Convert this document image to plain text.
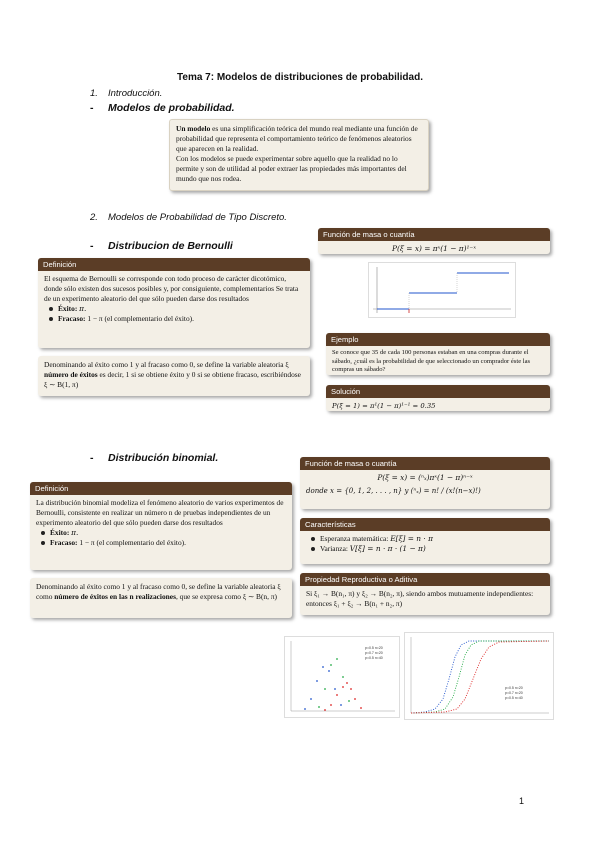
Tema 7: Modelos de distribuciones de probabilidad.
1. Introducción.
- Modelos de probabilidad.
Un modelo es una simplificación teórica del mundo real mediante una función de probabilidad que representa el comportamiento teórico de fenómenos aleatorios que aparecen en la realidad.
Con los modelos se puede experimentar sobre aquello que la realidad no lo permite y son de utilidad al poder extraer las propiedades más importantes del mundo que nos rodea.
2. Modelos de Probabilidad de Tipo Discreto.
- Distribucion de Bernoulli
Definición
El esquema de Bernoulli se corresponde con todo proceso de carácter dicotómico, donde sólo existen dos sucesos posibles y, por consiguiente, complementarios Se trata de un experimento aleatorio del que sólo pueden darse dos resultados
Éxito: π.
Fracaso: 1 − π (el complementario del éxito).
Denominando al éxito como 1 y al fracaso como 0, se define la variable aleatoria ξ número de éxitos es decir, 1 si se obtiene éxito y 0 si se obtiene fracaso, escribiéndose ξ ∼ B(1, π)
Función de masa o cuantía
P(ξ = x) = πˣ(1 − π)¹⁻ˣ
Ejemplo
Se conoce que 35 de cada 100 personas estaban en una compras durante el sábado, ¿cuál es la probabilidad de que seleccionado un comprador éste las compras un sábado?
Solución
P(ξ = 1) = π¹(1 − π)¹⁻¹ = 0.35
- Distribución binomial.
Definición
La distribución binomial modeliza el fenómeno aleatorio de varios experimentos de Bernoulli, consistente en realizar un número n de pruebas independientes de un experimento aleatorio del que sólo pueden darse dos resultados
Éxito: π.
Fracaso: 1 − π (el complementario del éxito).
Denominando al éxito como 1 y al fracaso como 0, se define la variable aleatoria ξ como número de éxitos en las n realizaciones, que se expresa como ξ ∼ B(n, π)
Función de masa o cuantía
P(ξ = x) = (ⁿₓ)πˣ(1 − π)ⁿ⁻ˣ
donde x = {0, 1, 2, . . . , n} y (ⁿₓ) = n! / (x!(n−x)!)
Características
Esperanza matemática: E[ξ] = n · π
Varianza: V[ξ] = n · π · (1 − π)
Propiedad Reproductiva o Aditiva
Si ξ₁ → B(n₁, π) y ξ₂ → B(n₂, π), siendo ambos mutuamente independientes: entonces ξ₁ + ξ₂ → B(n₁ + n₂, π)
p=0.5 n=20
p=0.7 n=20
p=0.5 n=40
p=0.5 n=20
p=0.7 n=20
p=0.5 n=40
1
